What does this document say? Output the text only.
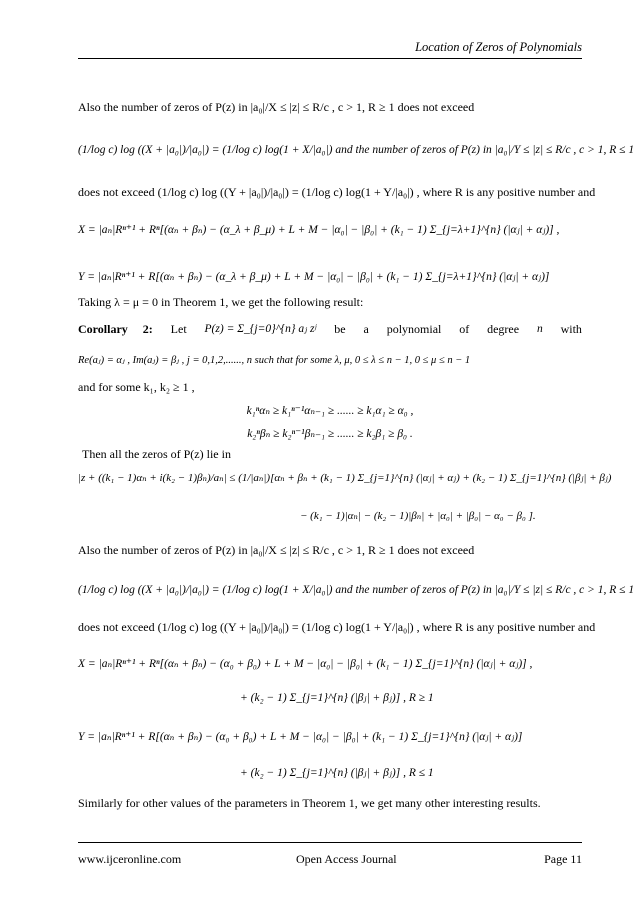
Location of Zeros of Polynomials
Also the number of zeros of P(z) in |a₀|/X ≤ |z| ≤ R/c , c > 1, R ≥ 1 does not exceed
(1/log c) log ((X + |a₀|)/|a₀|) = (1/log c) log(1 + X/|a₀|) and the number of zeros of P(z) in |a₀|/Y ≤ |z| ≤ R/c , c > 1, R ≤ 1
does not exceed (1/log c) log ((Y + |a₀|)/|a₀|) = (1/log c) log(1 + Y/|a₀|) , where R is any positive number and
X = |aₙ|Rⁿ⁺¹ + Rⁿ[(αₙ + βₙ) − (α_λ + β_μ) + L + M − |α₀| − |β₀| + (k₁ − 1) Σ_{j=λ+1}^{n} (|αⱼ| + αⱼ)] ,
Y = |aₙ|Rⁿ⁺¹ + R[(αₙ + βₙ) − (α_λ + β_μ) + L + M − |α₀| − |β₀| + (k₁ − 1) Σ_{j=λ+1}^{n} (|αⱼ| + αⱼ)]
Taking λ = μ = 0 in Theorem 1, we get the following result:
Corollary 2: Let P(z) = Σ_{j=0}^{n} aⱼ zʲ be a polynomial of degree n with
Re(aⱼ) = αⱼ , Im(aⱼ) = βⱼ , j = 0,1,2,......, n such that for some λ, μ, 0 ≤ λ ≤ n − 1, 0 ≤ μ ≤ n − 1
and for some k₁, k₂ ≥ 1 ,
k₁ⁿαₙ ≥ k₁ⁿ⁻¹αₙ₋₁ ≥ ...... ≥ k₁α₁ ≥ α₀ ,
k₂ⁿβₙ ≥ k₂ⁿ⁻¹βₙ₋₁ ≥ ...... ≥ k₂β₁ ≥ β₀ .
Then all the zeros of P(z) lie in
|z + ((k₁ − 1)αₙ + i(k₂ − 1)βₙ)/aₙ| ≤ (1/|aₙ|)[αₙ + βₙ + (k₁ − 1) Σ_{j=1}^{n} (|αⱼ| + αⱼ) + (k₂ − 1) Σ_{j=1}^{n} (|βⱼ| + βⱼ)
− (k₁ − 1)|αₙ| − (k₂ − 1)|βₙ| + |α₀| + |β₀| − α₀ − β₀ ].
Also the number of zeros of P(z) in |a₀|/X ≤ |z| ≤ R/c , c > 1, R ≥ 1 does not exceed
(1/log c) log ((X + |a₀|)/|a₀|) = (1/log c) log(1 + X/|a₀|) and the number of zeros of P(z) in |a₀|/Y ≤ |z| ≤ R/c , c > 1, R ≤ 1
does not exceed (1/log c) log ((Y + |a₀|)/|a₀|) = (1/log c) log(1 + Y/|a₀|) , where R is any positive number and
X = |aₙ|Rⁿ⁺¹ + Rⁿ[(αₙ + βₙ) − (α₀ + β₀) + L + M − |α₀| − |β₀| + (k₁ − 1) Σ_{j=1}^{n} (|αⱼ| + αⱼ)] ,
+ (k₂ − 1) Σ_{j=1}^{n} (|βⱼ| + βⱼ)] , R ≥ 1
Y = |aₙ|Rⁿ⁺¹ + R[(αₙ + βₙ) − (α₀ + β₀) + L + M − |α₀| − |β₀| + (k₁ − 1) Σ_{j=1}^{n} (|αⱼ| + αⱼ)]
+ (k₂ − 1) Σ_{j=1}^{n} (|βⱼ| + βⱼ)] , R ≤ 1
Similarly for other values of the parameters in Theorem 1, we get many other interesting results.
www.ijceronline.com	Open Access Journal	Page 11
